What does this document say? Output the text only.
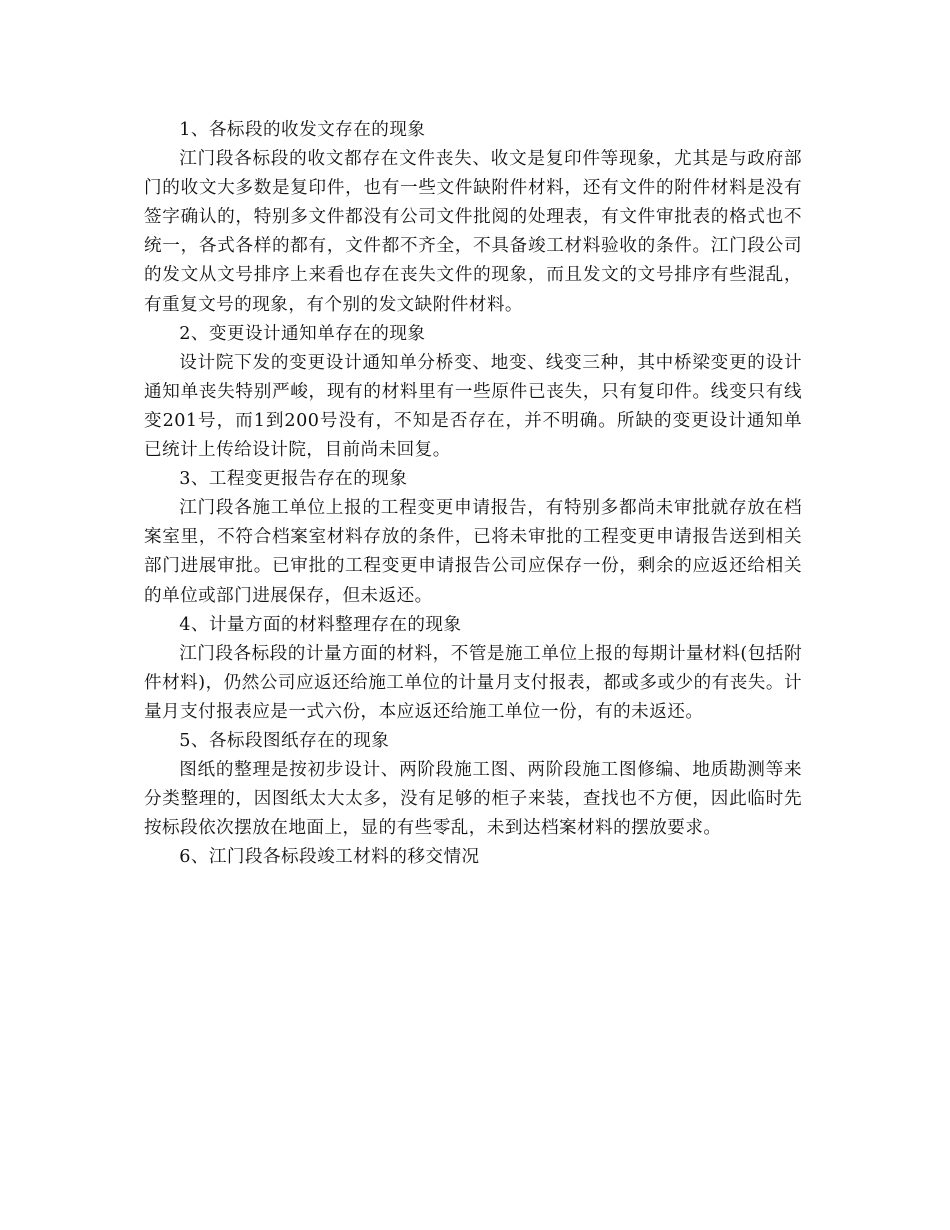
1、各标段的收发文存在的现象

江门段各标段的收文都存在文件丧失、收文是复印件等现象，尤其是与政府部门的收文大多数是复印件，也有一些文件缺附件材料，还有文件的附件材料是没有签字确认的，特别多文件都没有公司文件批阅的处理表，有文件审批表的格式也不统一，各式各样的都有，文件都不齐全，不具备竣工材料验收的条件。江门段公司的发文从文号排序上来看也存在丧失文件的现象，而且发文的文号排序有些混乱，有重复文号的现象，有个别的发文缺附件材料。

2、变更设计通知单存在的现象

设计院下发的变更设计通知单分桥变、地变、线变三种，其中桥梁变更的设计通知单丧失特别严峻，现有的材料里有一些原件已丧失，只有复印件。线变只有线变201号，而1到200号没有，不知是否存在，并不明确。所缺的变更设计通知单已统计上传给设计院，目前尚未回复。

3、工程变更报告存在的现象

江门段各施工单位上报的工程变更申请报告，有特别多都尚未审批就存放在档案室里，不符合档案室材料存放的条件，已将未审批的工程变更申请报告送到相关部门进展审批。已审批的工程变更申请报告公司应保存一份，剩余的应返还给相关的单位或部门进展保存，但未返还。

4、计量方面的材料整理存在的现象

江门段各标段的计量方面的材料，不管是施工单位上报的每期计量材料(包括附件材料)，仍然公司应返还给施工单位的计量月支付报表，都或多或少的有丧失。计量月支付报表应是一式六份，本应返还给施工单位一份，有的未返还。

5、各标段图纸存在的现象

图纸的整理是按初步设计、两阶段施工图、两阶段施工图修编、地质勘测等来分类整理的，因图纸太大太多，没有足够的柜子来装，查找也不方便，因此临时先按标段依次摆放在地面上，显的有些零乱，未到达档案材料的摆放要求。

6、江门段各标段竣工材料的移交情况
